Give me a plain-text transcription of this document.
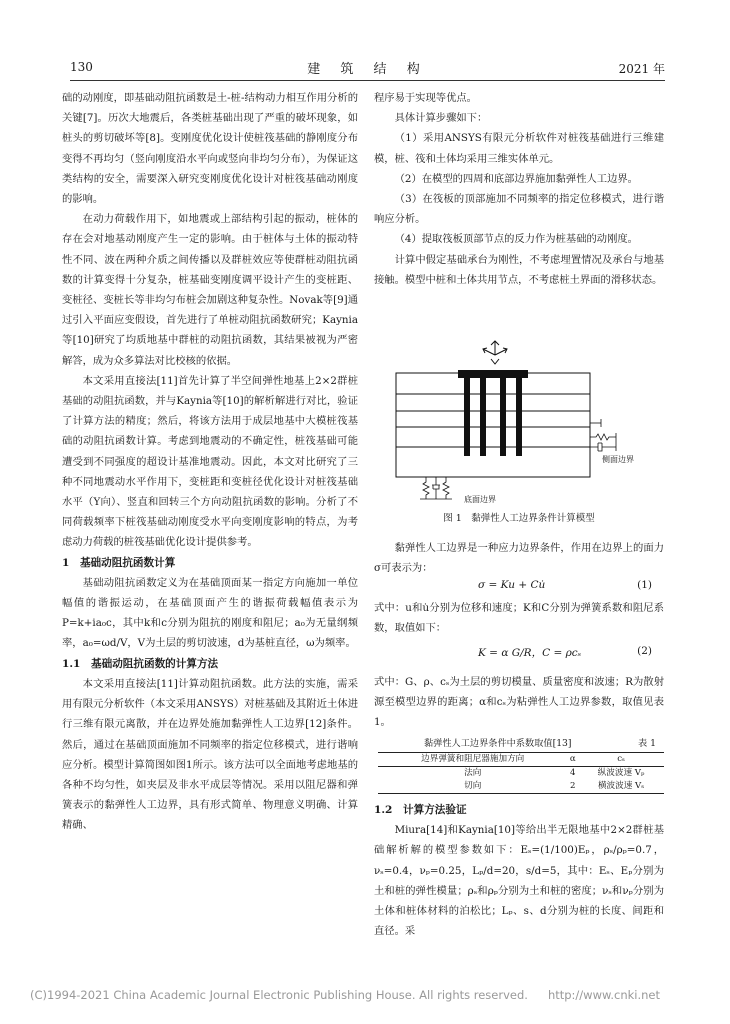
130	建 筑 结 构	2021 年

础的动刚度，即基础动阻抗函数是土-桩-结构动力相互作用分析的关键[7]。历次大地震后，各类桩基础出现了严重的破坏现象，如桩头的剪切破坏等[8]。变刚度优化设计使桩筏基础的静刚度分布变得不再均匀（竖向刚度沿水平向或竖向非均匀分布），为保证这类结构的安全，需要深入研究变刚度优化设计对桩筏基础动刚度的影响。

在动力荷载作用下，如地震或上部结构引起的振动，桩体的存在会对地基动刚度产生一定的影响。由于桩体与土体的振动特性不同、波在两种介质之间传播以及群桩效应等使群桩动阻抗函数的计算变得十分复杂，桩基础变刚度调平设计产生的变桩距、变桩径、变桩长等非均匀布桩会加剧这种复杂性。Novak等[9]通过引入平面应变假设，首先进行了单桩动阻抗函数研究；Kaynia等[10]研究了均质地基中群桩的动阻抗函数，其结果被视为严密解答，成为众多算法对比校核的依据。

本文采用直接法[11]首先计算了半空间弹性地基上2×2群桩基础的动阻抗函数，并与Kaynia等[10]的解析解进行对比，验证了计算方法的精度；然后，将该方法用于成层地基中大模桩筏基础的动阻抗函数计算。考虑到地震动的不确定性，桩筏基础可能遭受到不同强度的超设计基准地震动。因此，本文对比研究了三种不同地震动水平作用下，变桩距和变桩径优化设计对桩筏基础水平（Y向）、竖直和回转三个方向动阻抗函数的影响。分析了不同荷载频率下桩筏基础动刚度受水平向变刚度影响的特点，为考虑动力荷载的桩筏基础优化设计提供参考。

1　基础动阻抗函数计算

基础动阻抗函数定义为在基础顶面某一指定方向施加一单位幅值的谐振运动，在基础顶面产生的谐振荷载幅值表示为P=k+ia₀c，其中k和c分别为阻抗的刚度和阻尼；a₀为无量纲频率，a₀=ωd/V，V为土层的剪切波速，d为基桩直径，ω为频率。

1.1　基础动阻抗函数的计算方法

本文采用直接法[11]计算动阻抗函数。此方法的实施，需采用有限元分析软件（本文采用ANSYS）对桩基础及其附近土体进行三维有限元离散，并在边界处施加黏弹性人工边界[12]条件。然后，通过在基础顶面施加不同频率的指定位移模式，进行谐响应分析。模型计算简图如图1所示。该方法可以全面地考虑地基的各种不均匀性，如夹层及非水平成层等情况。采用以阻尼器和弹簧表示的黏弹性人工边界，具有形式简单、物理意义明确、计算精确、

程序易于实现等优点。

具体计算步骤如下：

（1）采用ANSYS有限元分析软件对桩筏基础进行三维建模，桩、筏和土体均采用三维实体单元。

（2）在模型的四周和底部边界施加黏弹性人工边界。

（3）在筏板的顶部施加不同频率的指定位移模式，进行谐响应分析。

（4）提取筏板顶部节点的反力作为桩基础的动刚度。

计算中假定基础承台为刚性，不考虑埋置情况及承台与地基接触。模型中桩和土体共用节点，不考虑桩土界面的滑移状态。

底面边界
侧面边界
图 1　黏弹性人工边界条件计算模型

黏弹性人工边界是一种应力边界条件，作用在边界上的面力σ可表示为：

σ = Ku + Cu̇	(1)

式中：u和u̇分别为位移和速度；K和C分别为弹簧系数和阻尼系数，取值如下：

K = α G/R，C = ρcₛ	(2)

式中：G、ρ、cₛ为土层的剪切模量、质量密度和波速；R为散射源至模型边界的距离；α和cₛ为粘弹性人工边界参数，取值见表1。

黏弹性人工边界条件中系数取值[13]	表 1
边界弹簧和阻尼器施加方向	α	cₛ
法向	4	纵波波速 Vₚ
切向	2	横波波速 Vₛ
1.2　计算方法验证

Miura[14]和Kaynia[10]等给出半无限地基中2×2群桩基础解析解的模型参数如下：Eₛ=(1/100)Eₚ，ρₛ/ρₚ=0.7，νₛ=0.4，νₚ=0.25，Lₚ/d=20，s/d=5，其中：Eₛ、Eₚ分别为土和桩的弹性模量；ρₛ和ρₚ分别为土和桩的密度；νₛ和νₚ分别为土体和桩体材料的泊松比；Lₚ、s、d分别为桩的长度、间距和直径。采

(C)1994-2021 China Academic Journal Electronic Publishing House. All rights reserved. http://www.cnki.net
